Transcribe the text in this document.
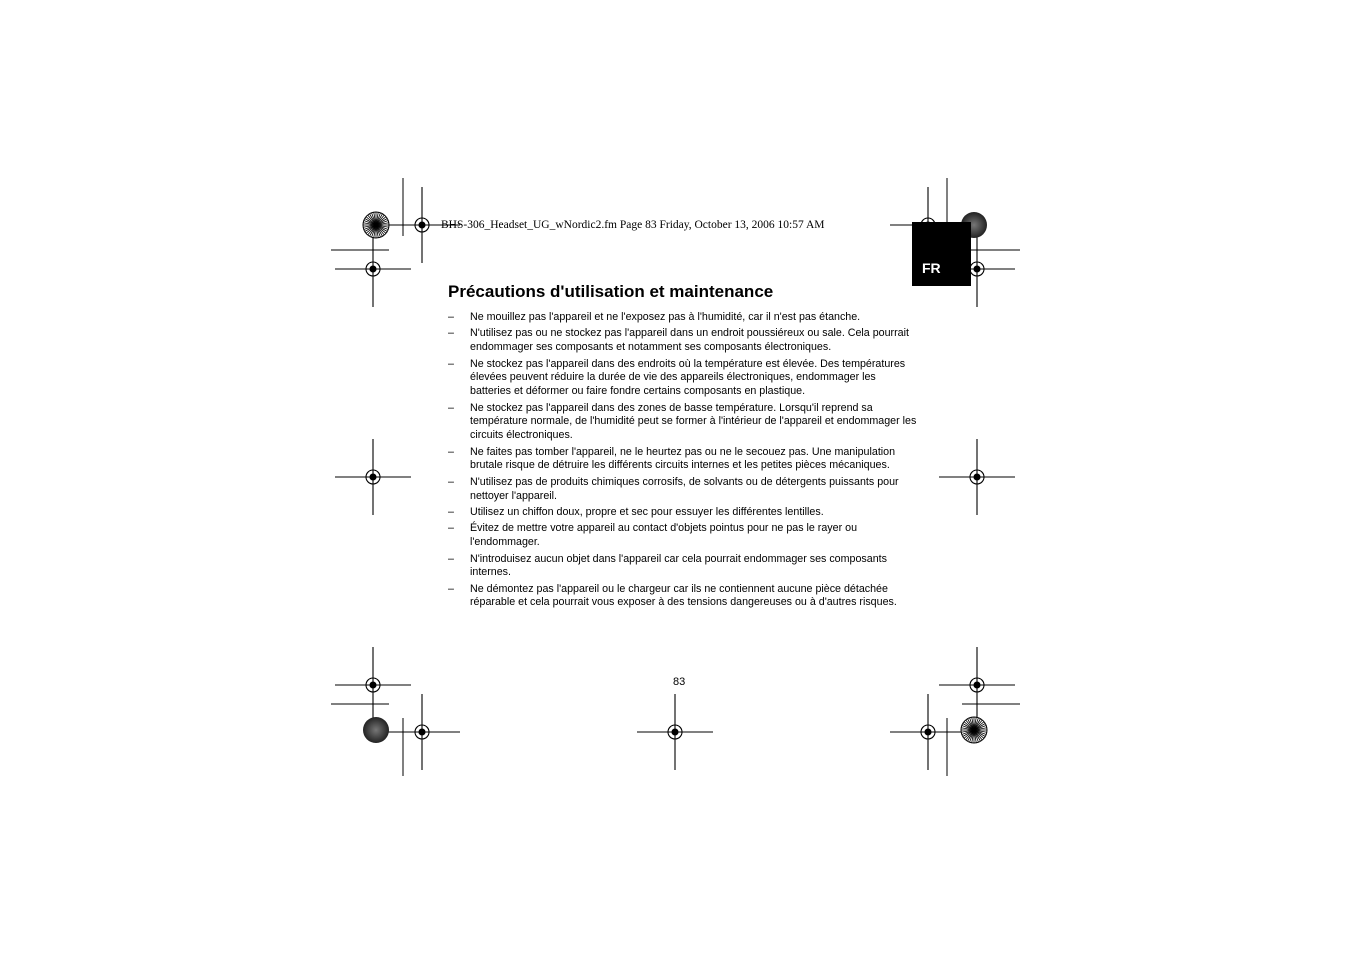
BHS-306_Headset_UG_wNordic2.fm Page 83 Friday, October 13, 2006 10:57 AM
FR
Précautions d'utilisation et maintenance
– Ne mouillez pas l'appareil et ne l'exposez pas à l'humidité, car il n'est pas étanche.
– N'utilisez pas ou ne stockez pas l'appareil dans un endroit poussiéreux ou sale. Cela pourrait endommager ses composants et notamment ses composants électroniques.
– Ne stockez pas l'appareil dans des endroits où la température est élevée. Des températures élevées peuvent réduire la durée de vie des appareils électroniques, endommager les batteries et déformer ou faire fondre certains composants en plastique.
– Ne stockez pas l'appareil dans des zones de basse température. Lorsqu'il reprend sa température normale, de l'humidité peut se former à l'intérieur de l'appareil et endommager les circuits électroniques.
– Ne faites pas tomber l'appareil, ne le heurtez pas ou ne le secouez pas. Une manipulation brutale risque de détruire les différents circuits internes et les petites pièces mécaniques.
– N'utilisez pas de produits chimiques corrosifs, de solvants ou de détergents puissants pour nettoyer l'appareil.
– Utilisez un chiffon doux, propre et sec pour essuyer les différentes lentilles.
– Évitez de mettre votre appareil au contact d'objets pointus pour ne pas le rayer ou l'endommager.
– N'introduisez aucun objet dans l'appareil car cela pourrait endommager ses composants internes.
– Ne démontez pas l'appareil ou le chargeur car ils ne contiennent aucune pièce détachée réparable et cela pourrait vous exposer à des tensions dangereuses ou à d'autres risques.
83
